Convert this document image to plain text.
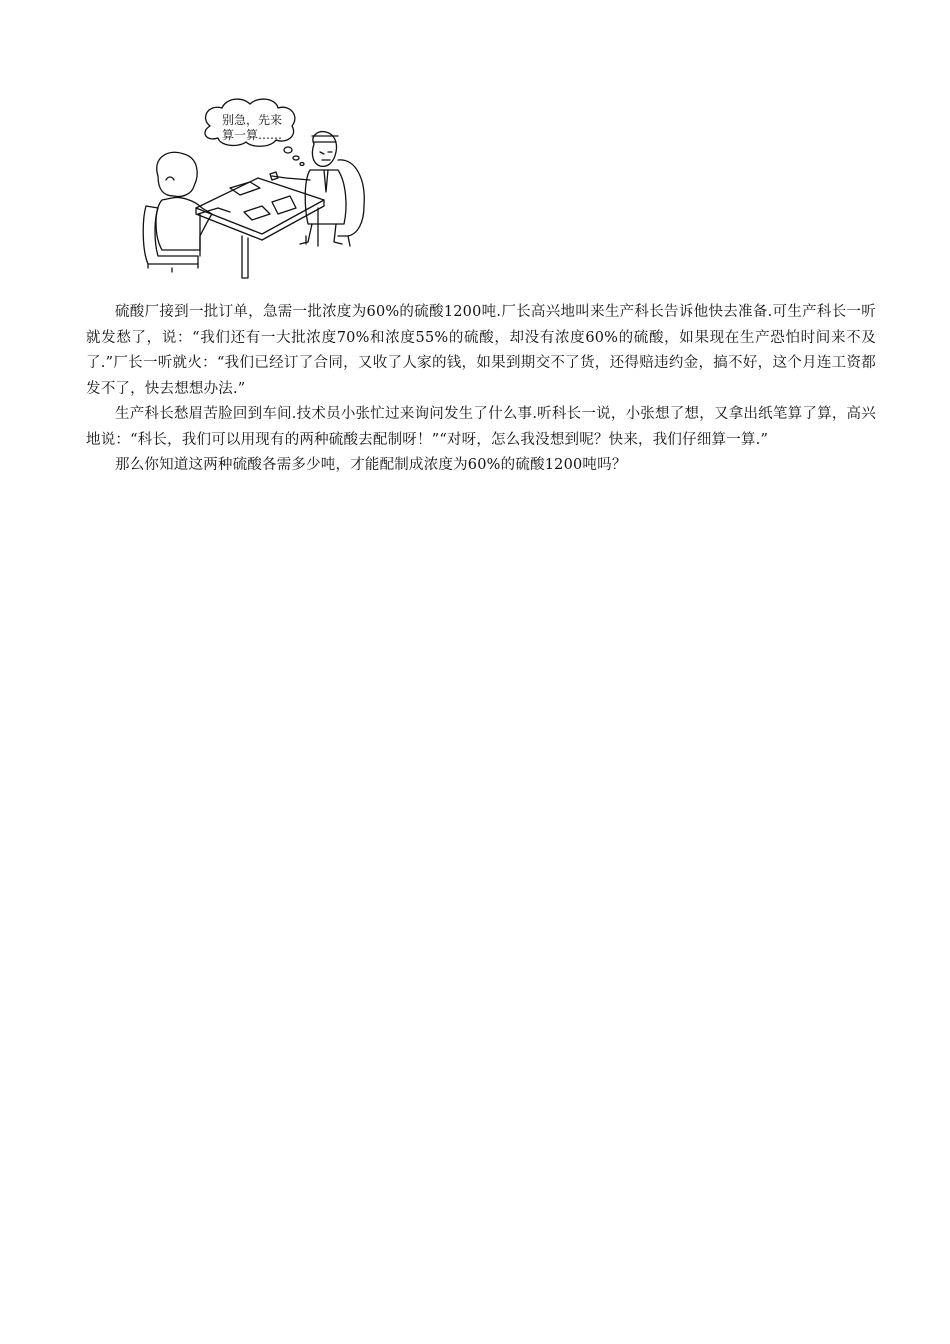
别急，先来
算一算……

硫酸厂接到一批订单，急需一批浓度为60%的硫酸1200吨.厂长高兴地叫来生产科长告诉他快去准备.可生产科长一听就发愁了，说：“我们还有一大批浓度70%和浓度55%的硫酸，却没有浓度60%的硫酸，如果现在生产恐怕时间来不及了.”厂长一听就火：“我们已经订了合同，又收了人家的钱，如果到期交不了货，还得赔违约金，搞不好，这个月连工资都发不了，快去想想办法.”

生产科长愁眉苦脸回到车间.技术员小张忙过来询问发生了什么事.听科长一说，小张想了想，又拿出纸笔算了算，高兴地说：“科长，我们可以用现有的两种硫酸去配制呀！”“对呀，怎么我没想到呢？快来，我们仔细算一算.”

那么你知道这两种硫酸各需多少吨，才能配制成浓度为60%的硫酸1200吨吗？
